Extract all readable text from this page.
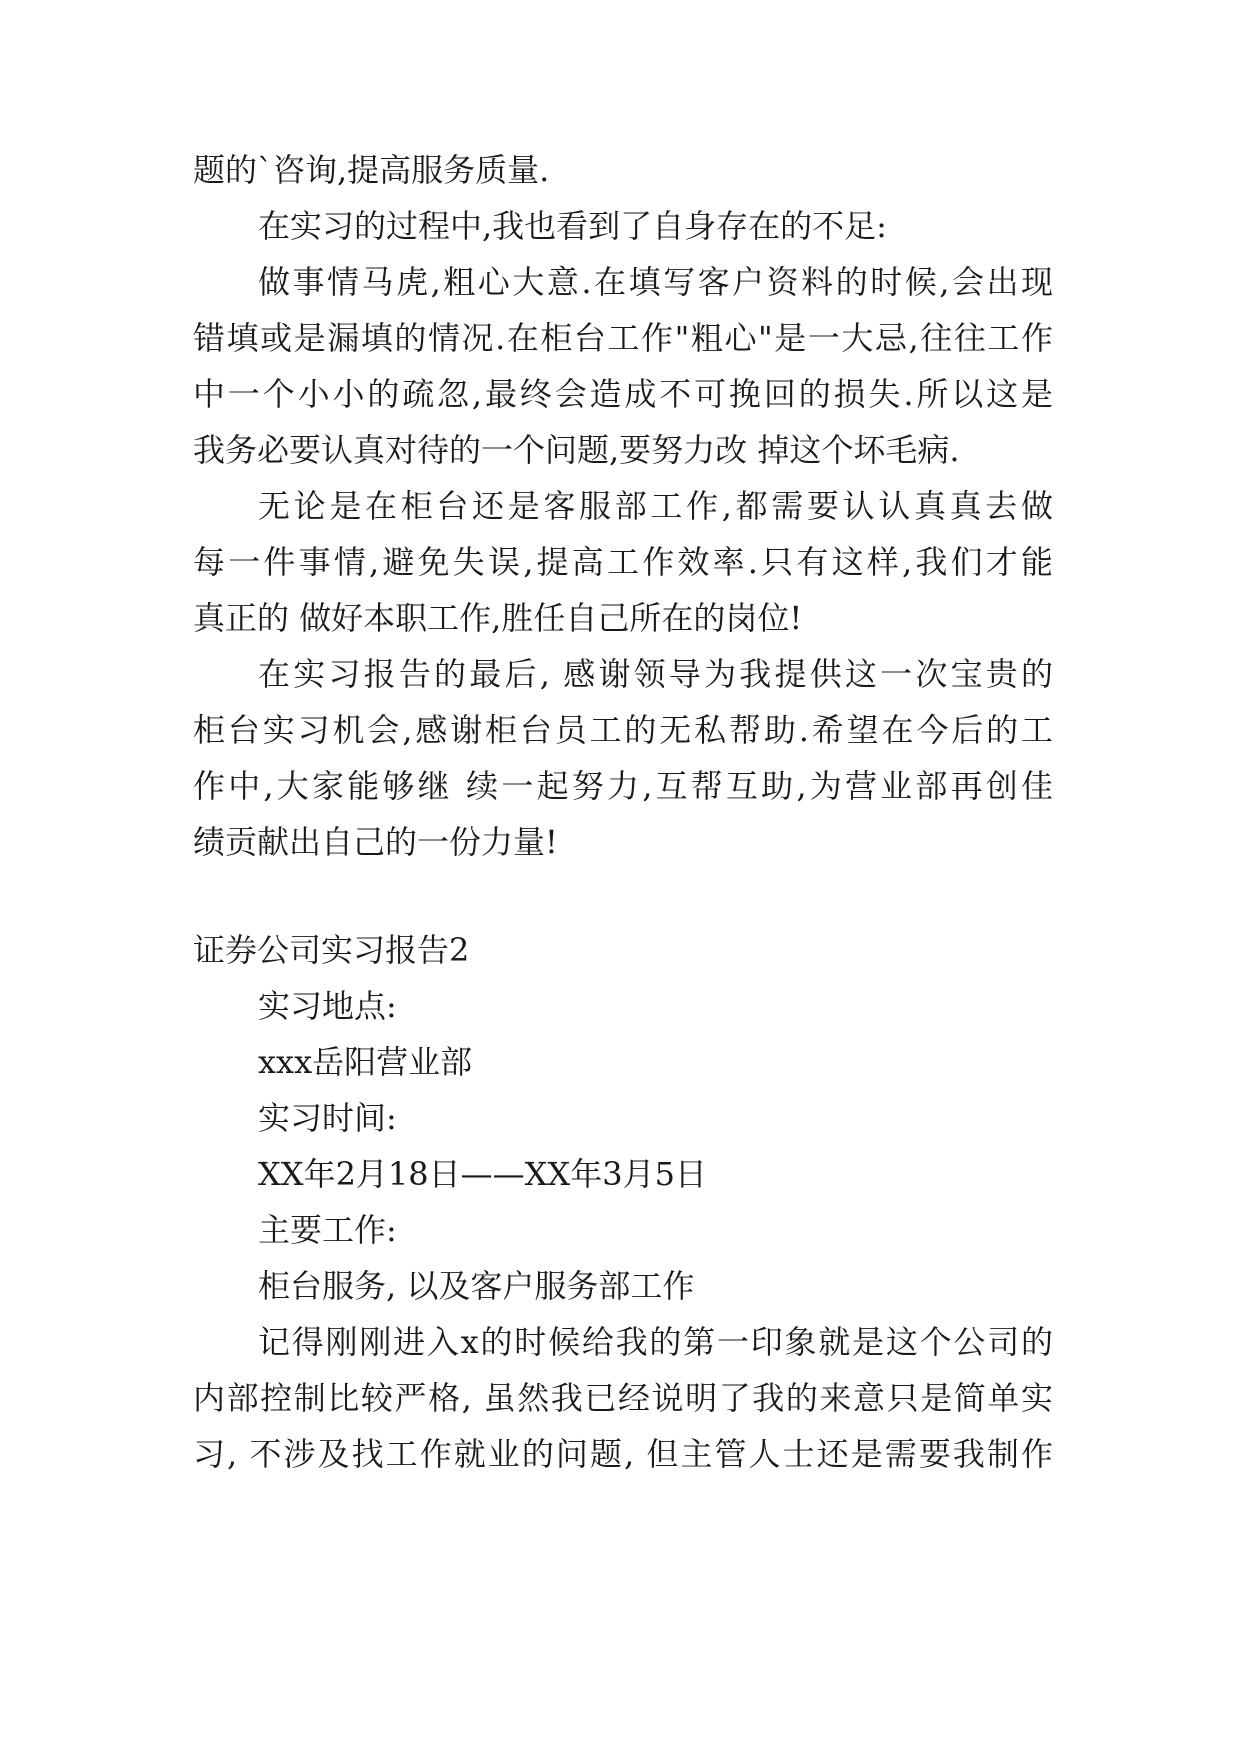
题的`咨询,提高服务质量.
在实习的过程中,我也看到了自身存在的不足:
做事情马虎,粗心大意.在填写客户资料的时候,会出现
错填或是漏填的情况.在柜台工作"粗心"是一大忌,往往工作
中一个小小的疏忽,最终会造成不可挽回的损失.所以这是
我务必要认真对待的一个问题,要努力改 掉这个坏毛病.
无论是在柜台还是客服部工作,都需要认认真真去做
每一件事情,避免失误,提高工作效率.只有这样,我们才能
真正的 做好本职工作,胜任自己所在的岗位!
在实习报告的最后, 感谢领导为我提供这一次宝贵的
柜台实习机会,感谢柜台员工的无私帮助.希望在今后的工
作中,大家能够继 续一起努力,互帮互助,为营业部再创佳
绩贡献出自己的一份力量!
证券公司实习报告2
实习地点:
xxx岳阳营业部
实习时间:
XX年2月18日——XX年3月5日
主要工作:
柜台服务, 以及客户服务部工作
记得刚刚进入x的时候给我的第一印象就是这个公司的
内部控制比较严格, 虽然我已经说明了我的来意只是简单实
习, 不涉及找工作就业的问题, 但主管人士还是需要我制作
